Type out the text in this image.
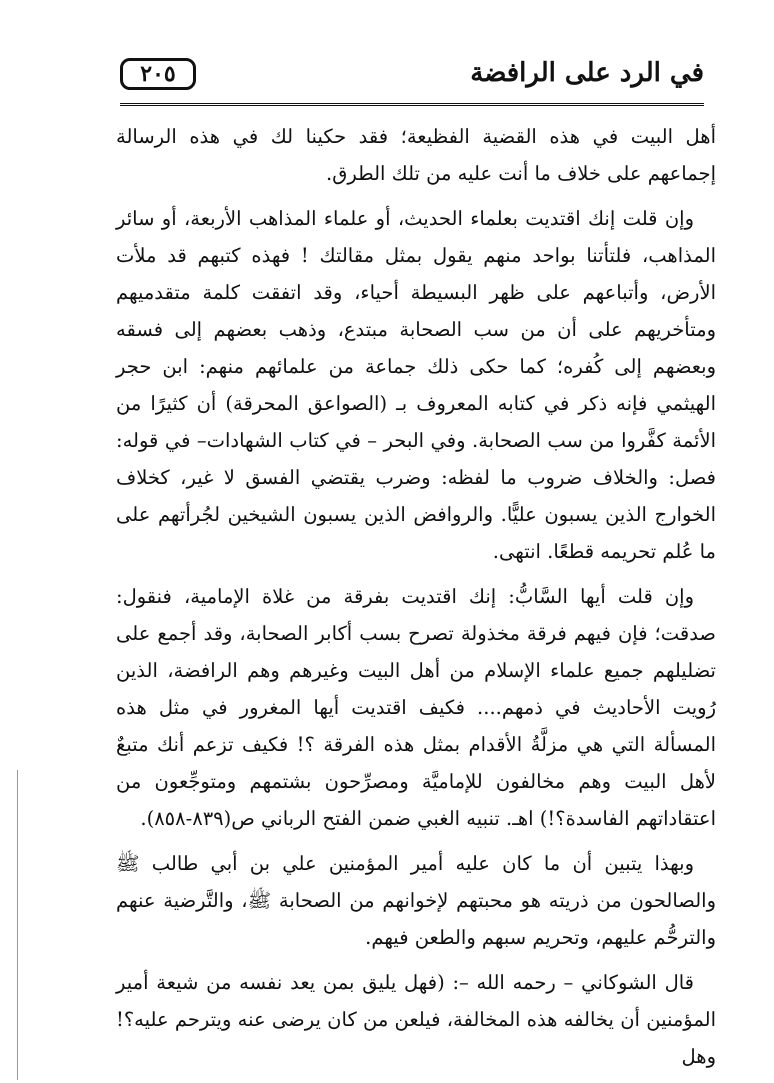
في الرد على الرافضة
٢٠٥

أهل البيت في هذه القضية الفظيعة؛ فقد حكينا لك في هذه الرسالة إجماعهم على خلاف ما أنت عليه من تلك الطرق.

وإن قلت إنك اقتديت بعلماء الحديث، أو علماء المذاهب الأربعة، أو سائر المذاهب، فلتأتنا بواحد منهم يقول بمثل مقالتك ! فهذه كتبهم قد ملأت الأرض، وأتباعهم على ظهر البسيطة أحياء، وقد اتفقت كلمة متقدميهم ومتأخريهم على أن من سب الصحابة مبتدع، وذهب بعضهم إلى فسقه وبعضهم إلى كُفره؛ كما حكى ذلك جماعة من علمائهم منهم: ابن حجر الهيثمي فإنه ذكر في كتابه المعروف بـ (الصواعق المحرقة) أن كثيرًا من الأئمة كفَّروا من سب الصحابة. وفي البحر – في كتاب الشهادات– في قوله: فصل: والخلاف ضروب ما لفظه: وضرب يقتضي الفسق لا غير، كخلاف الخوارج الذين يسبون عليًّا. والروافض الذين يسبون الشيخين لجُرأتهم على ما عُلم تحريمه قطعًا. انتهى.

وإن قلت أيها السَّابُّ: إنك اقتديت بفرقة من غلاة الإمامية، فنقول: صدقت؛ فإن فيهم فرقة مخذولة تصرح بسب أكابر الصحابة، وقد أجمع على تضليلهم جميع علماء الإسلام من أهل البيت وغيرهم وهم الرافضة، الذين رُويت الأحاديث في ذمهم.... فكيف اقتديت أيها المغرور في مثل هذه المسألة التي هي مزلَّةُ الأقدام بمثل هذه الفرقة ؟! فكيف تزعم أنك متبعٌ لأهل البيت وهم مخالفون للإماميَّة ومصرِّحون بشتمهم ومتوجِّعون من اعتقاداتهم الفاسدة؟!) اهـ. تنبيه الغبي ضمن الفتح الرباني ص(٨٣٩-٨٥٨).

وبهذا يتبين أن ما كان عليه أمير المؤمنين علي بن أبي طالب ﷺ والصالحون من ذريته هو محبتهم لإخوانهم من الصحابة ﷺ، والتَّرضية عنهم والترحُّم عليهم، وتحريم سبهم والطعن فيهم.

قال الشوكاني – رحمه الله –: (فهل يليق بمن يعد نفسه من شيعة أمير المؤمنين أن يخالفه هذه المخالفة، فيلعن من كان يرضى عنه ويترحم عليه؟! وهل
